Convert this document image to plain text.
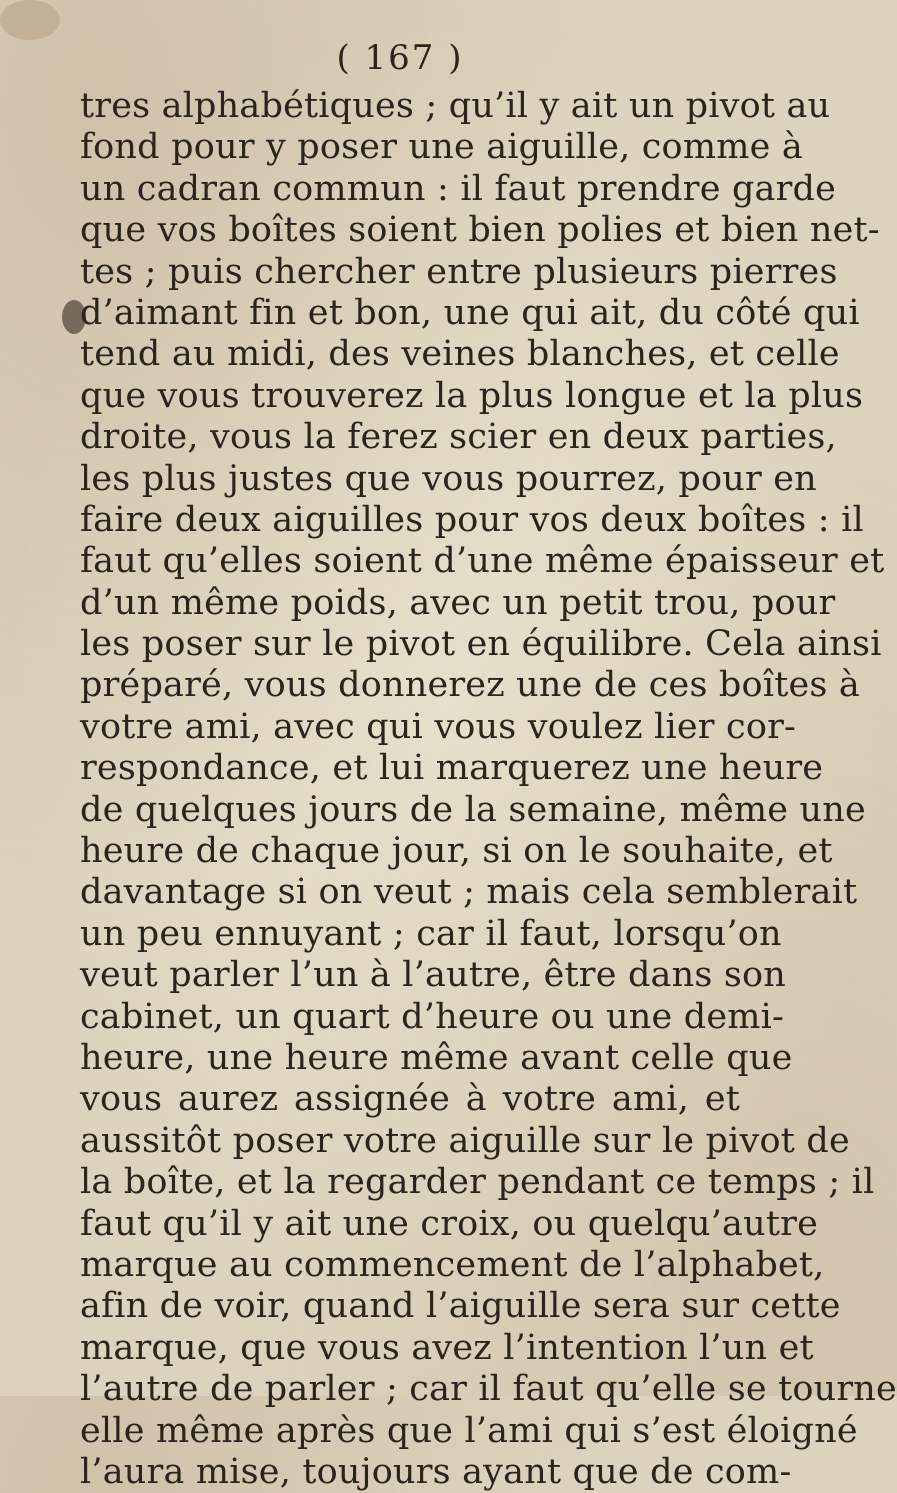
( 167 )
tres alphabétiques ; qu’il y ait un pivot au
fond pour y poser une aiguille, comme à
un cadran commun : il faut prendre garde
que vos boîtes soient bien polies et bien net-
tes ; puis chercher entre plusieurs pierres
d’aimant fin et bon, une qui ait, du côté qui
tend au midi, des veines blanches, et celle
que vous trouverez la plus longue et la plus
droite, vous la ferez scier en deux parties,
les plus justes que vous pourrez, pour en
faire deux aiguilles pour vos deux boîtes : il
faut qu’elles soient d’une même épaisseur et
d’un même poids, avec un petit trou, pour
les poser sur le pivot en équilibre. Cela ainsi
préparé, vous donnerez une de ces boîtes à
votre ami, avec qui vous voulez lier cor-
respondance, et lui marquerez une heure
de quelques jours de la semaine, même une
heure de chaque jour, si on le souhaite, et
davantage si on veut ; mais cela semblerait
un peu ennuyant ; car il faut, lorsqu’on
veut parler l’un à l’autre, être dans son
cabinet, un quart d’heure ou une demi-
heure, une heure même avant celle que
vous aurez assignée à votre ami, et
aussitôt poser votre aiguille sur le pivot de
la boîte, et la regarder pendant ce temps ; il
faut qu’il y ait une croix, ou quelqu’autre
marque au commencement de l’alphabet,
afin de voir, quand l’aiguille sera sur cette
marque, que vous avez l’intention l’un et
l’autre de parler ; car il faut qu’elle se tourne
elle même après que l’ami qui s’est éloigné
l’aura mise, toujours ayant que de com-
